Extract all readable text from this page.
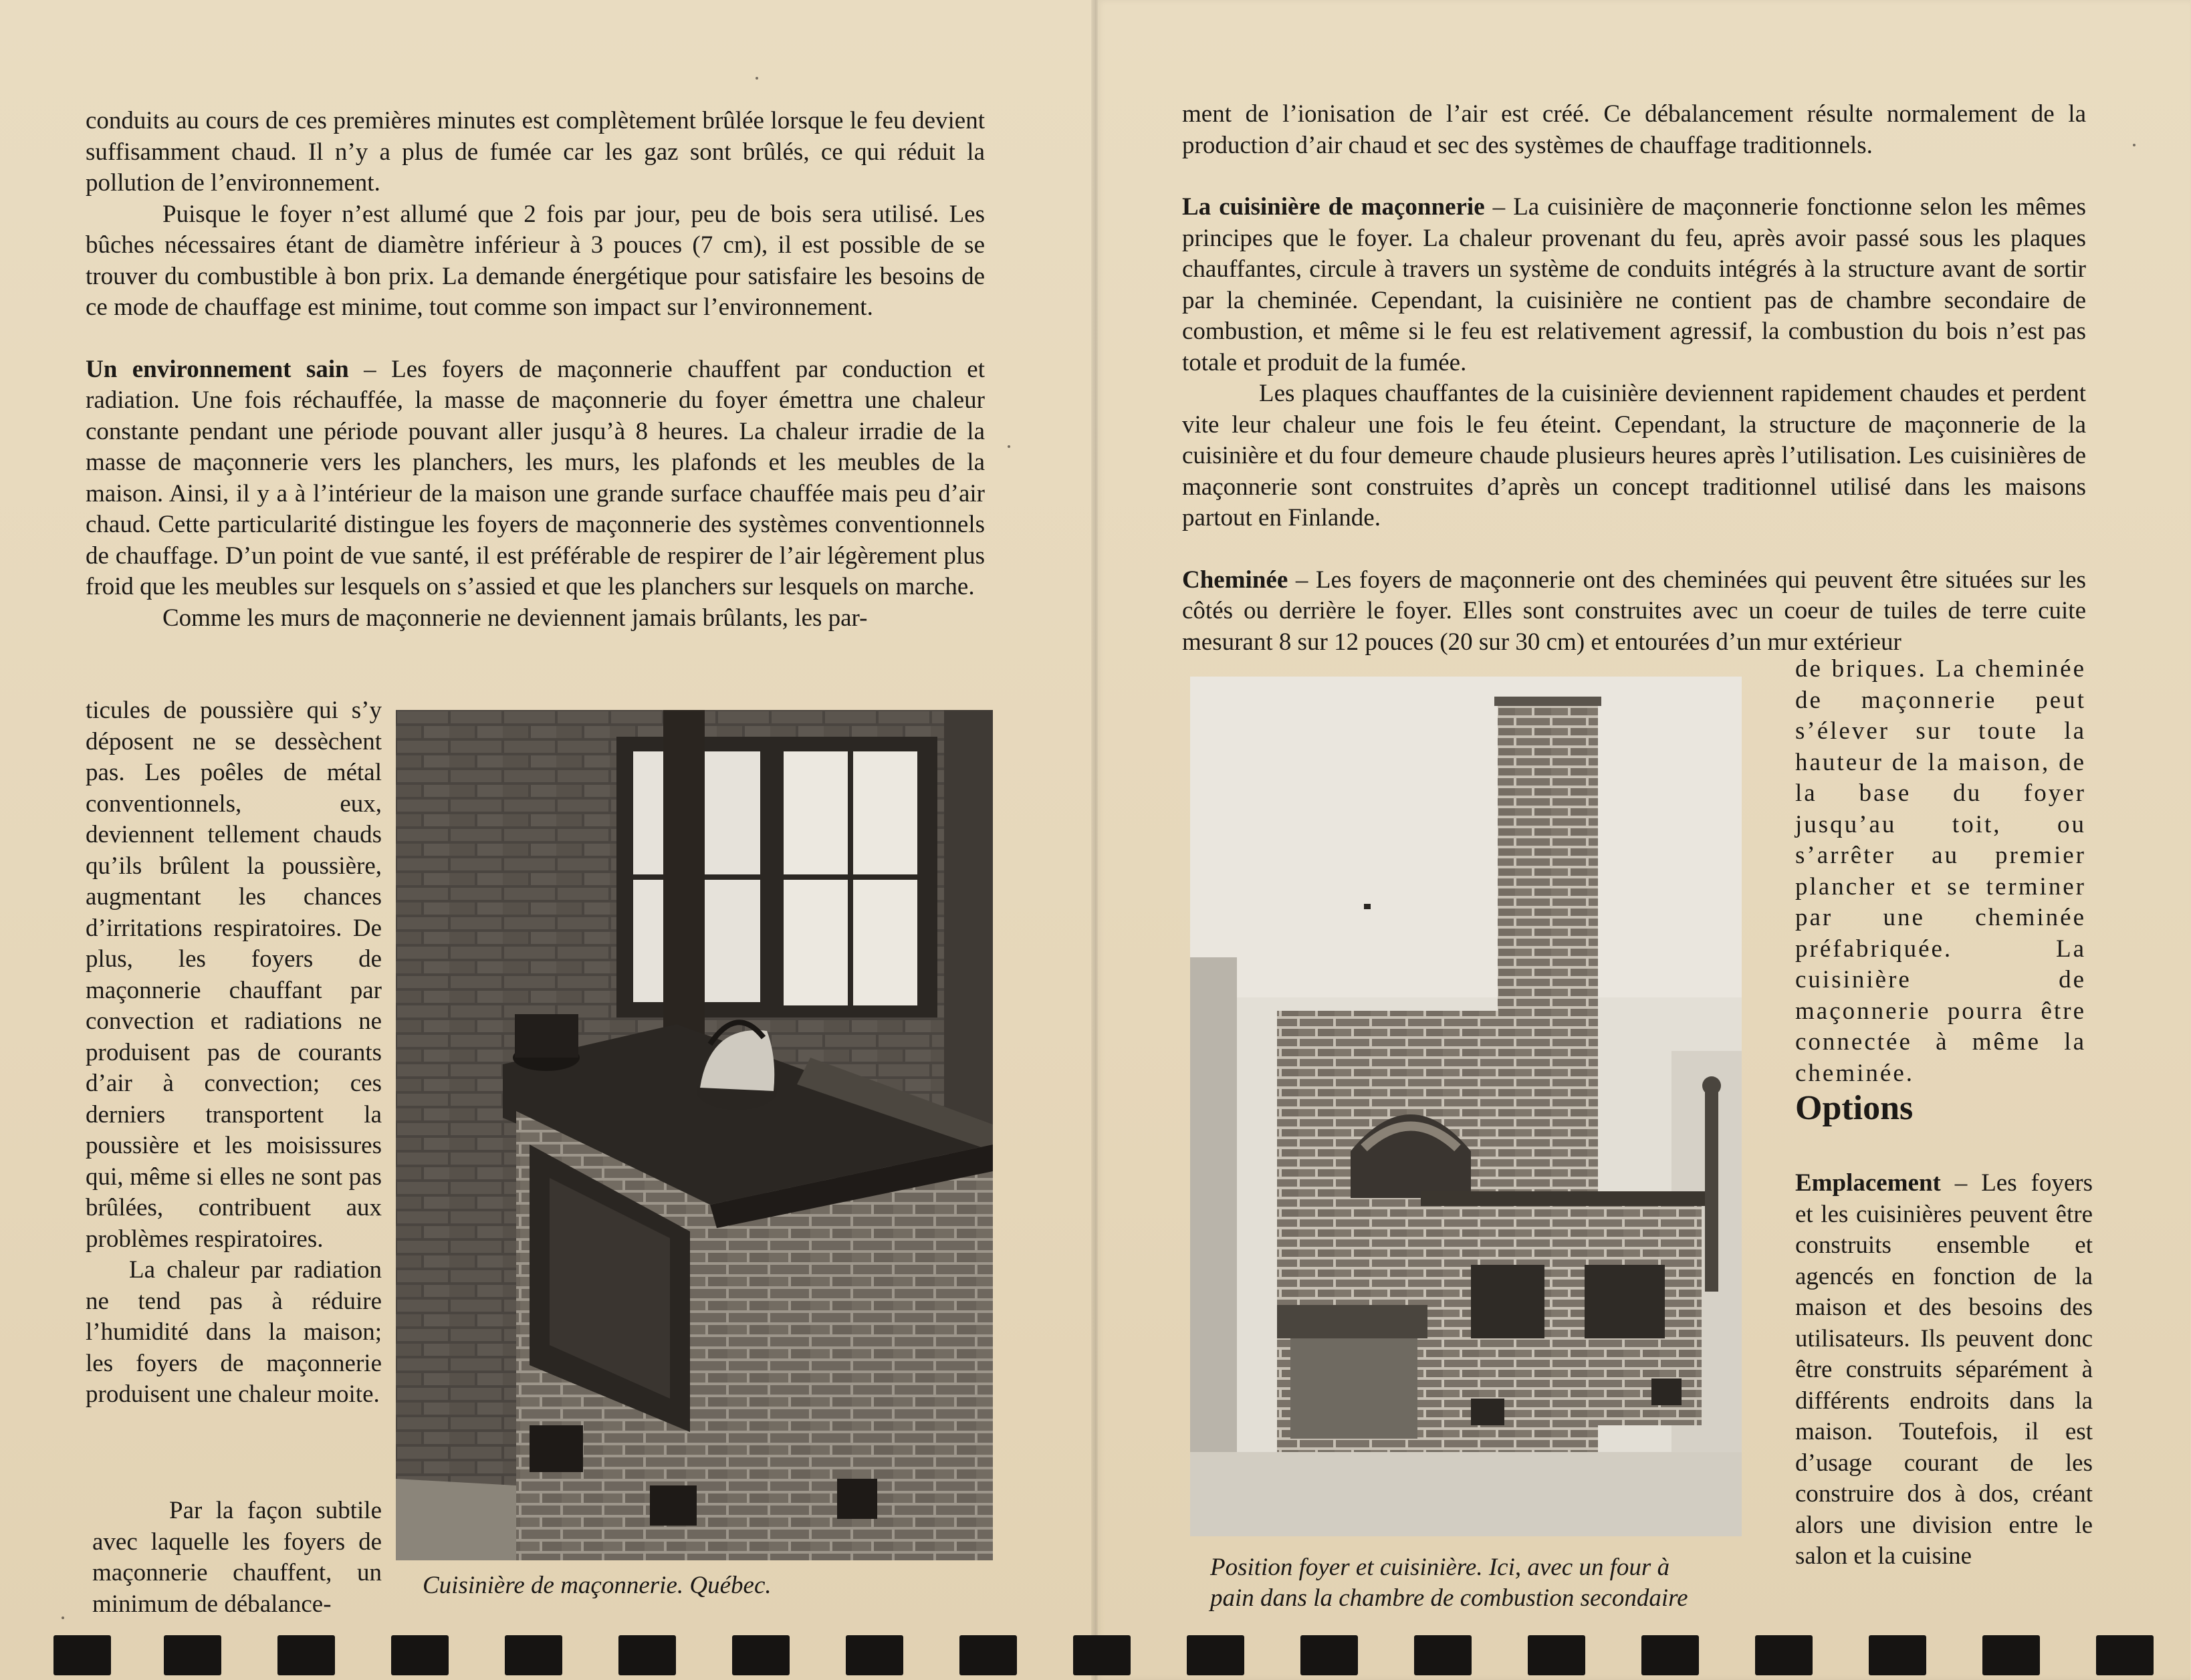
conduits au cours de ces premières minutes est complètement brûlée lorsque le feu devient suffisamment chaud. Il n’y a plus de fumée car les gaz sont brûlés, ce qui réduit la pollution de l’environnement.

Puisque le foyer n’est allumé que 2 fois par jour, peu de bois sera utilisé. Les bûches nécessaires étant de diamètre inférieur à 3 pouces (7 cm), il est possible de se trouver du combustible à bon prix. La demande énergétique pour satisfaire les besoins de ce mode de chauffage est minime, tout comme son impact sur l’environnement.

Un environnement sain – Les foyers de maçonnerie chauffent par conduction et radiation. Une fois réchauffée, la masse de maçonnerie du foyer émettra une chaleur constante pendant une période pouvant aller jusqu’à 8 heures. La chaleur irradie de la masse de maçonnerie vers les planchers, les murs, les plafonds et les meubles de la maison. Ainsi, il y a à l’intérieur de la maison une grande surface chauffée mais peu d’air chaud. Cette particularité distingue les foyers de maçonnerie des systèmes conventionnels de chauffage. D’un point de vue santé, il est préférable de respirer de l’air légèrement plus froid que les meubles sur lesquels on s’assied et que les planchers sur lesquels on marche.

Comme les murs de maçonnerie ne deviennent jamais brûlants, les par-

ticules de poussière qui s’y déposent ne se dessèchent pas. Les poêles de métal conventionnels, eux, deviennent tellement chauds qu’ils brûlent la poussière, augmentant les chances d’irritations respiratoires. De plus, les foyers de maçonnerie chauffant par convection et radiations ne produisent pas de courants d’air à convection; ces derniers transportent la poussière et les moisissures qui, même si elles ne sont pas brûlées, contribuent aux problèmes respiratoires.

La chaleur par radiation ne tend pas à réduire l’humidité dans la maison; les foyers de maçonnerie produisent une chaleur moite.

Par la façon subtile avec laquelle les foyers de maçonnerie chauffent, un minimum de débalance-

Cuisinière de maçonnerie. Québec.

ment de l’ionisation de l’air est créé. Ce débalancement résulte normalement de la production d’air chaud et sec des systèmes de chauffage traditionnels.

La cuisinière de maçonnerie – La cuisinière de maçonnerie fonctionne selon les mêmes principes que le foyer. La chaleur provenant du feu, après avoir passé sous les plaques chauffantes, circule à travers un système de conduits intégrés à la structure avant de sortir par la cheminée. Cependant, la cuisinière ne contient pas de chambre secondaire de combustion, et même si le feu est relativement agressif, la combustion du bois n’est pas totale et produit de la fumée.

Les plaques chauffantes de la cuisinière deviennent rapidement chaudes et perdent vite leur chaleur une fois le feu éteint. Cependant, la structure de maçonnerie de la cuisinière et du four demeure chaude plusieurs heures après l’utilisation. Les cuisinières de maçonnerie sont construites d’après un concept traditionnel utilisé dans les maisons partout en Finlande.

Cheminée – Les foyers de maçonnerie ont des cheminées qui peuvent être situées sur les côtés ou derrière le foyer. Elles sont construites avec un coeur de tuiles de terre cuite mesurant 8 sur 12 pouces (20 sur 30 cm) et entourées d’un mur extérieur

de briques. La cheminée de maçonnerie peut s’élever sur toute la hauteur de la maison, de la base du foyer jusqu’au toit, ou s’arrêter au premier plancher et se terminer par une cheminée préfabriquée. La cuisinière de maçonnerie pourra être connectée à même la cheminée.

Options

Emplacement – Les foyers et les cuisinières peuvent être construits ensemble et agencés en fonction de la maison et des besoins des utilisateurs. Ils peuvent donc être construits séparément à différents endroits dans la maison. Toutefois, il est d’usage courant de les construire dos à dos, créant alors une division entre le salon et la cuisine

Position foyer et cuisinière. Ici, avec un four à
pain dans la chambre de combustion secondaire
